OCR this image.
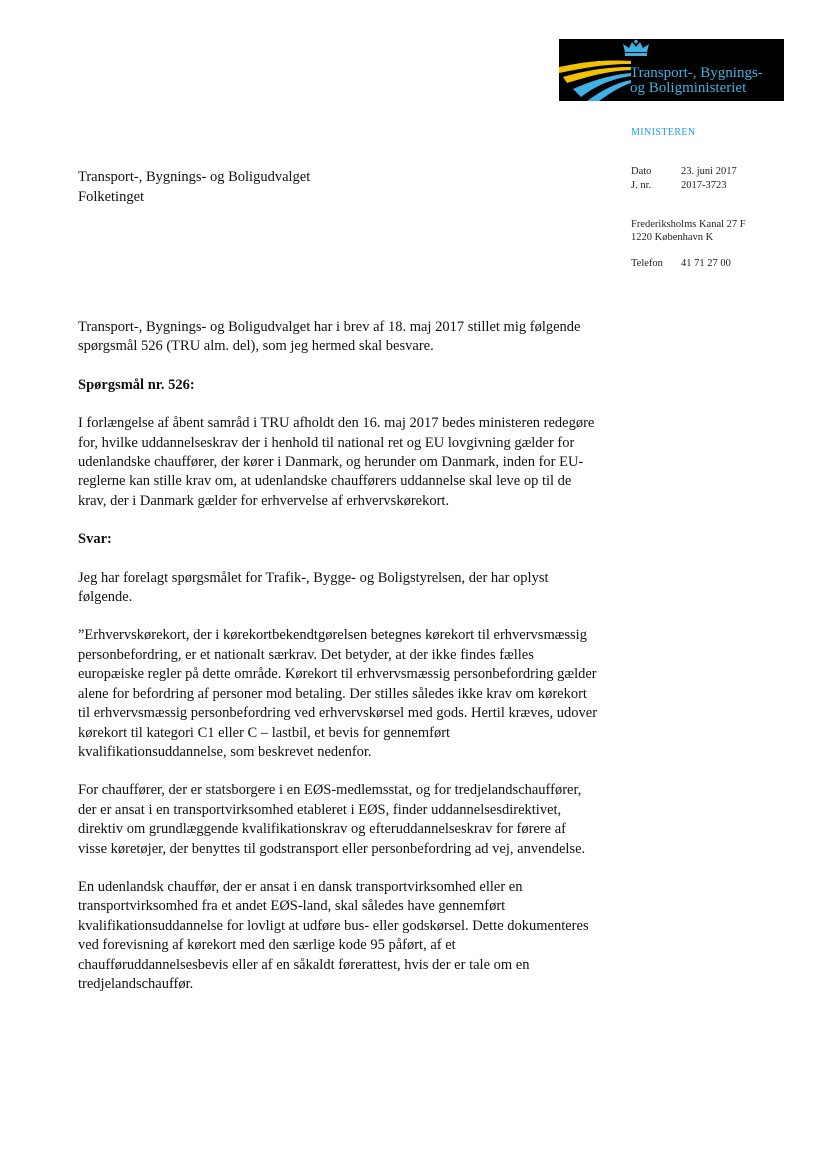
Transport-, Bygnings-
og Boligministeriet
MINISTEREN
Dato	23. juni 2017
J. nr.	2017-3723
Frederiksholms Kanal 27 F
1220 København K
Telefon 41 71 27 00
Transport-, Bygnings- og Boligudvalget
Folketinget

Transport-, Bygnings- og Boligudvalget har i brev af 18. maj 2017 stillet mig følgende spørgsmål 526 (TRU alm. del), som jeg hermed skal besvare.

Spørgsmål nr. 526:

I forlængelse af åbent samråd i TRU afholdt den 16. maj 2017 bedes ministeren redegøre for, hvilke uddannelseskrav der i henhold til national ret og EU lovgivning gælder for udenlandske chauffører, der kører i Danmark, og herunder om Danmark, inden for EU-reglerne kan stille krav om, at udenlandske chaufførers uddannelse skal leve op til de krav, der i Danmark gælder for erhvervelse af erhvervskørekort.

Svar:

Jeg har forelagt spørgsmålet for Trafik-, Bygge- og Boligstyrelsen, der har oplyst følgende.

”Erhvervskørekort, der i kørekortbekendtgørelsen betegnes kørekort til erhvervsmæssig personbefordring, er et nationalt særkrav. Det betyder, at der ikke findes fælles europæiske regler på dette område. Kørekort til erhvervsmæssig personbefordring gælder alene for befordring af personer mod betaling. Der stilles således ikke krav om kørekort til erhvervsmæssig personbefordring ved erhvervskørsel med gods. Hertil kræves, udover kørekort til kategori C1 eller C – lastbil, et bevis for gennemført kvalifikationsuddannelse, som beskrevet nedenfor.

For chauffører, der er statsborgere i en EØS-medlemsstat, og for tredjelandschauffører, der er ansat i en transportvirksomhed etableret i EØS, finder uddannelsesdirektivet, direktiv om grundlæggende kvalifikationskrav og efteruddannelseskrav for førere af visse køretøjer, der benyttes til godstransport eller personbefordring ad vej, anvendelse.

En udenlandsk chauffør, der er ansat i en dansk transportvirksomhed eller en transportvirksomhed fra et andet EØS-land, skal således have gennemført kvalifikationsuddannelse for lovligt at udføre bus- eller godskørsel. Dette dokumenteres ved forevisning af kørekort med den særlige kode 95 påført, af et chaufføruddannelsesbevis eller af en såkaldt førerattest, hvis der er tale om en tredjelandschauffør.
